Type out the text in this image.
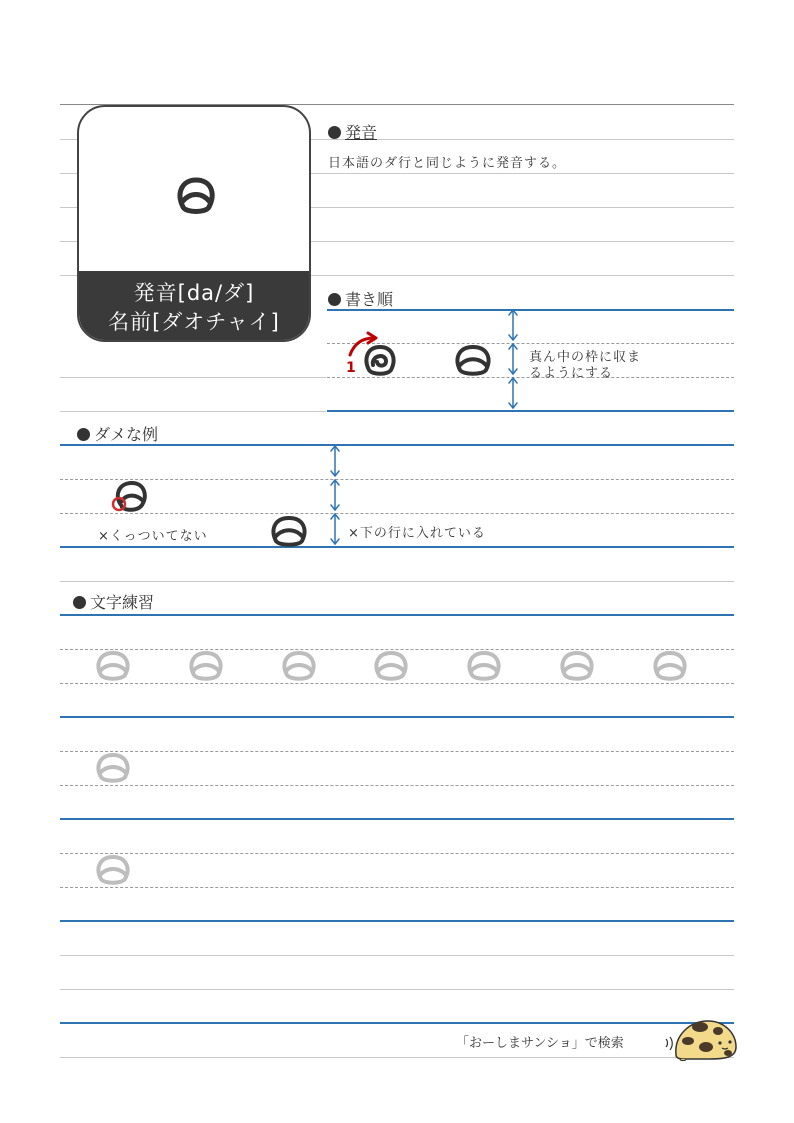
発音[da/ダ]
名前[ダオチャイ]
発音
日本語のダ行と同じように発音する。
書き順
1
真ん中の枠に収ま
るようにする
ダメな例
×くっついてない	×下の行に入れている
文字練習
「おーしまサンショ」で検索
